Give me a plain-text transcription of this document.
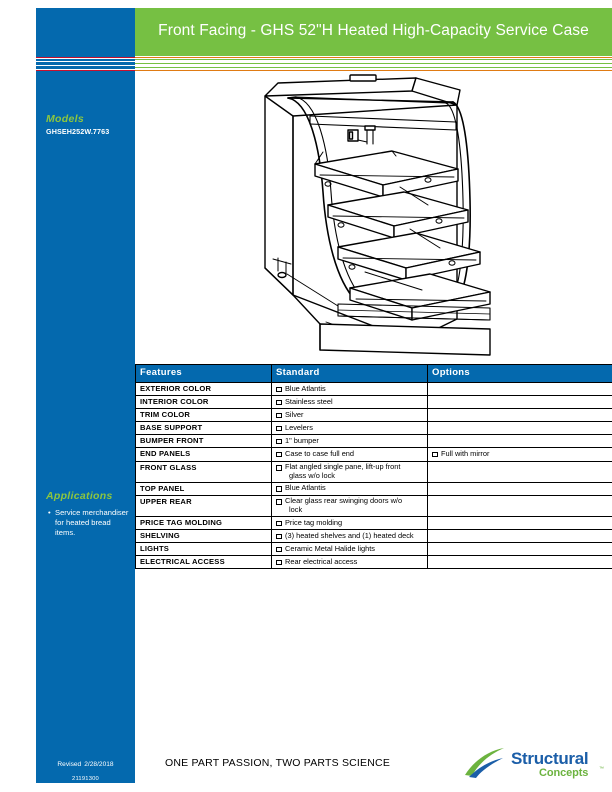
Models
GHSEH252W.7763
Applications
• Service merchandiser for heated bread items.
Revised 2/28/2018
21191300
Front Facing - GHS 52"H Heated High-Capacity Service Case
Features	Standard	Options
EXTERIOR COLOR	Blue Atlantis	

INTERIOR COLOR	Stainless steel	

TRIM COLOR	Silver	

BASE SUPPORT	Levelers	

BUMPER FRONT	1" bumper	

END PANELS	Case to case full end	Full with mirror

FRONT GLASS	Flat angled single pane, lift-up front
glass w/o lock	

TOP PANEL	Blue Atlantis	

UPPER REAR	Clear glass rear swinging doors w/o
lock	

PRICE TAG MOLDING	Price tag molding	

SHELVING	(3) heated shelves and (1) heated deck	

LIGHTS	Ceramic Metal Halide lights	

ELECTRICAL ACCESS	Rear electrical access	

ONE PART PASSION, TWO PARTS SCIENCE	Structural
Concepts ™
